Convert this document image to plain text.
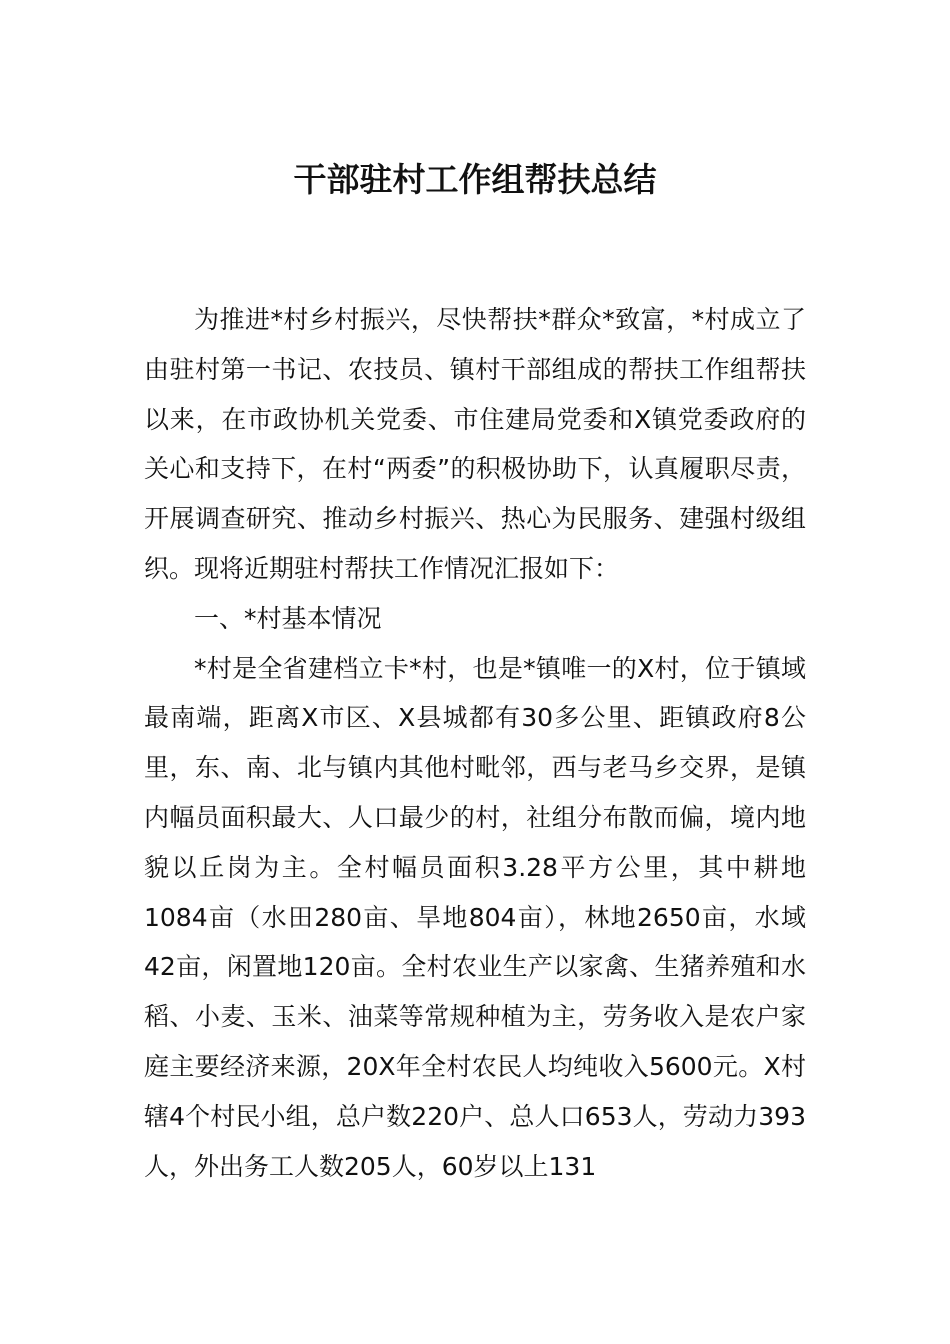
干部驻村工作组帮扶总结

为推进*村乡村振兴，尽快帮扶*群众*致富，*村成立了由驻村第一书记、农技员、镇村干部组成的帮扶工作组帮扶以来，在市政协机关党委、市住建局党委和X镇党委政府的关心和支持下，在村“两委”的积极协助下，认真履职尽责，开展调查研究、推动乡村振兴、热心为民服务、建强村级组织。现将近期驻村帮扶工作情况汇报如下：

一、*村基本情况

*村是全省建档立卡*村，也是*镇唯一的X村，位于镇域最南端，距离X市区、X县城都有30多公里、距镇政府8公里，东、南、北与镇内其他村毗邻，西与老马乡交界，是镇内幅员面积最大、人口最少的村，社组分布散而偏，境内地貌以丘岗为主。全村幅员面积3.28平方公里，其中耕地1084亩（水田280亩、旱地804亩），林地2650亩，水域42亩，闲置地120亩。全村农业生产以家禽、生猪养殖和水稻、小麦、玉米、油菜等常规种植为主，劳务收入是农户家庭主要经济来源，20X年全村农民人均纯收入5600元。X村辖4个村民小组，总户数220户、总人口653人，劳动力393人，外出务工人数205人，60岁以上131
